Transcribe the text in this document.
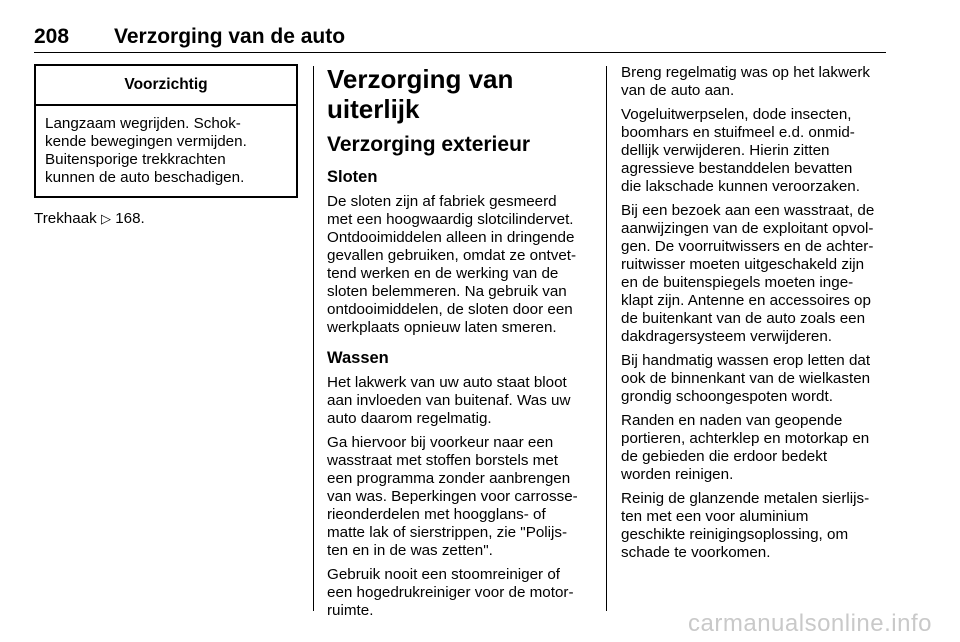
208 Verzorging van de auto
Voorzichtig
Langzaam wegrijden. Schok-
kende bewegingen vermijden.
Buitensporige trekkrachten
kunnen de auto beschadigen.

Trekhaak ▷ 168.

Verzorging van uiterlijk
Verzorging exterieur
Sloten

De sloten zijn af fabriek gesmeerd
met een hoogwaardig slotcilindervet.
Ontdooimiddelen alleen in dringende
gevallen gebruiken, omdat ze ontvet-
tend werken en de werking van de
sloten belemmeren. Na gebruik van
ontdooimiddelen, de sloten door een
werkplaats opnieuw laten smeren.

Wassen

Het lakwerk van uw auto staat bloot
aan invloeden van buitenaf. Was uw
auto daarom regelmatig.

Ga hiervoor bij voorkeur naar een
wasstraat met stoffen borstels met
een programma zonder aanbrengen
van was. Beperkingen voor carrosse-
rieonderdelen met hoogglans- of
matte lak of sierstrippen, zie "Polijs-
ten en in de was zetten".

Gebruik nooit een stoomreiniger of
een hogedrukreiniger voor de motor-
ruimte.

Breng regelmatig was op het lakwerk
van de auto aan.

Vogeluitwerpselen, dode insecten,
boomhars en stuifmeel e.d. onmid-
dellijk verwijderen. Hierin zitten
agressieve bestanddelen bevatten
die lakschade kunnen veroorzaken.

Bij een bezoek aan een wasstraat, de
aanwijzingen van de exploitant opvol-
gen. De voorruitwissers en de achter-
ruitwisser moeten uitgeschakeld zijn
en de buitenspiegels moeten inge-
klapt zijn. Antenne en accessoires op
de buitenkant van de auto zoals een
dakdragersysteem verwijderen.

Bij handmatig wassen erop letten dat
ook de binnenkant van de wielkasten
grondig schoongespoten wordt.

Randen en naden van geopende
portieren, achterklep en motorkap en
de gebieden die erdoor bedekt
worden reinigen.

Reinig de glanzende metalen sierlijs-
ten met een voor aluminium
geschikte reinigingsoplossing, om
schade te voorkomen.

carmanualsonline.info
